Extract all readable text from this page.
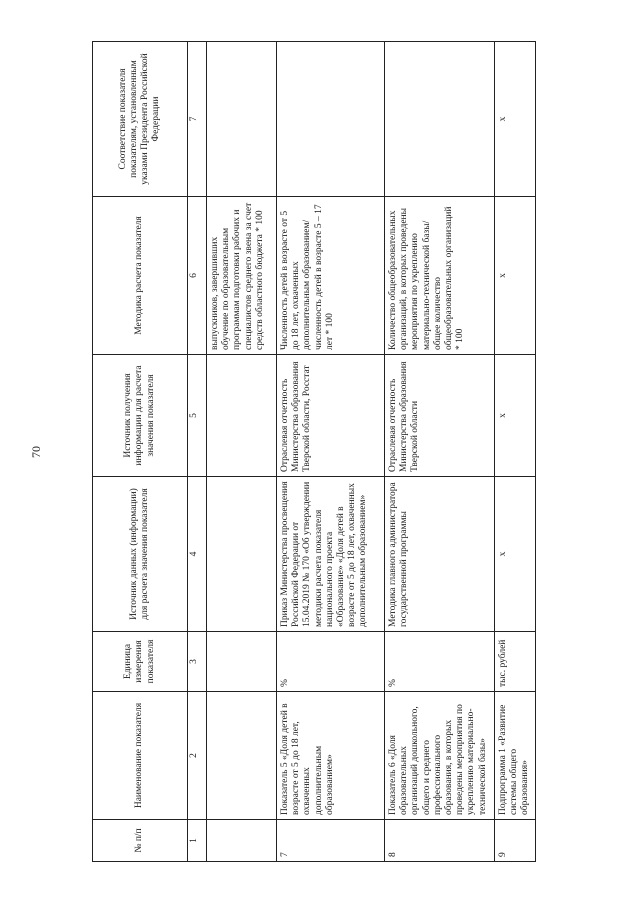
70
№ п/п	Наименование показателя	Единица измерения показателя	Источник данных (информации) для расчета значения показателя	Источник получения информации для расчета значения показателя	Методика расчета показателя	Соответствие показателя показателям, установленным указами Президента Российской Федерации
1	2	3	4	5	6	7
					выпускников, завершивших обучение по образовательным программам подготовки рабочих и специалистов среднего звена за счет средств областного бюджета * 100	
7	Показатель 5 «Доля детей в возрасте от 5 до 18 лет, охваченных дополнительным образованием»	%	Приказ Министерства просвещения Российской Федерации от 15.04.2019 № 170 «Об утверждении методики расчета показателя национального проекта «Образование» «Доля детей в возрасте от 5 до 18 лет, охваченных дополнительным образованием»	Отраслевая отчетность Министерства образования Тверской области, Росстат	Численность детей в возрасте от 5 до 18 лет, охваченных дополнительным образованием/численность детей в возрасте 5 – 17 лет * 100	
8	Показатель 6 «Доля образовательных организаций дошкольного, общего и среднего профессионального образования, в которых проведены мероприятия по укреплению материально-технической базы»	%	Методика главного администратора государственной программы	Отраслевая отчетность Министерства образования Тверской области	Количество общеобразовательных организаций, в которых проведены мероприятия по укреплению материально-технической базы/общее количество общеобразовательных организаций * 100	
9	Подпрограмма 1 «Развитие системы общего образования»	тыс. рублей	х	х	х	х
